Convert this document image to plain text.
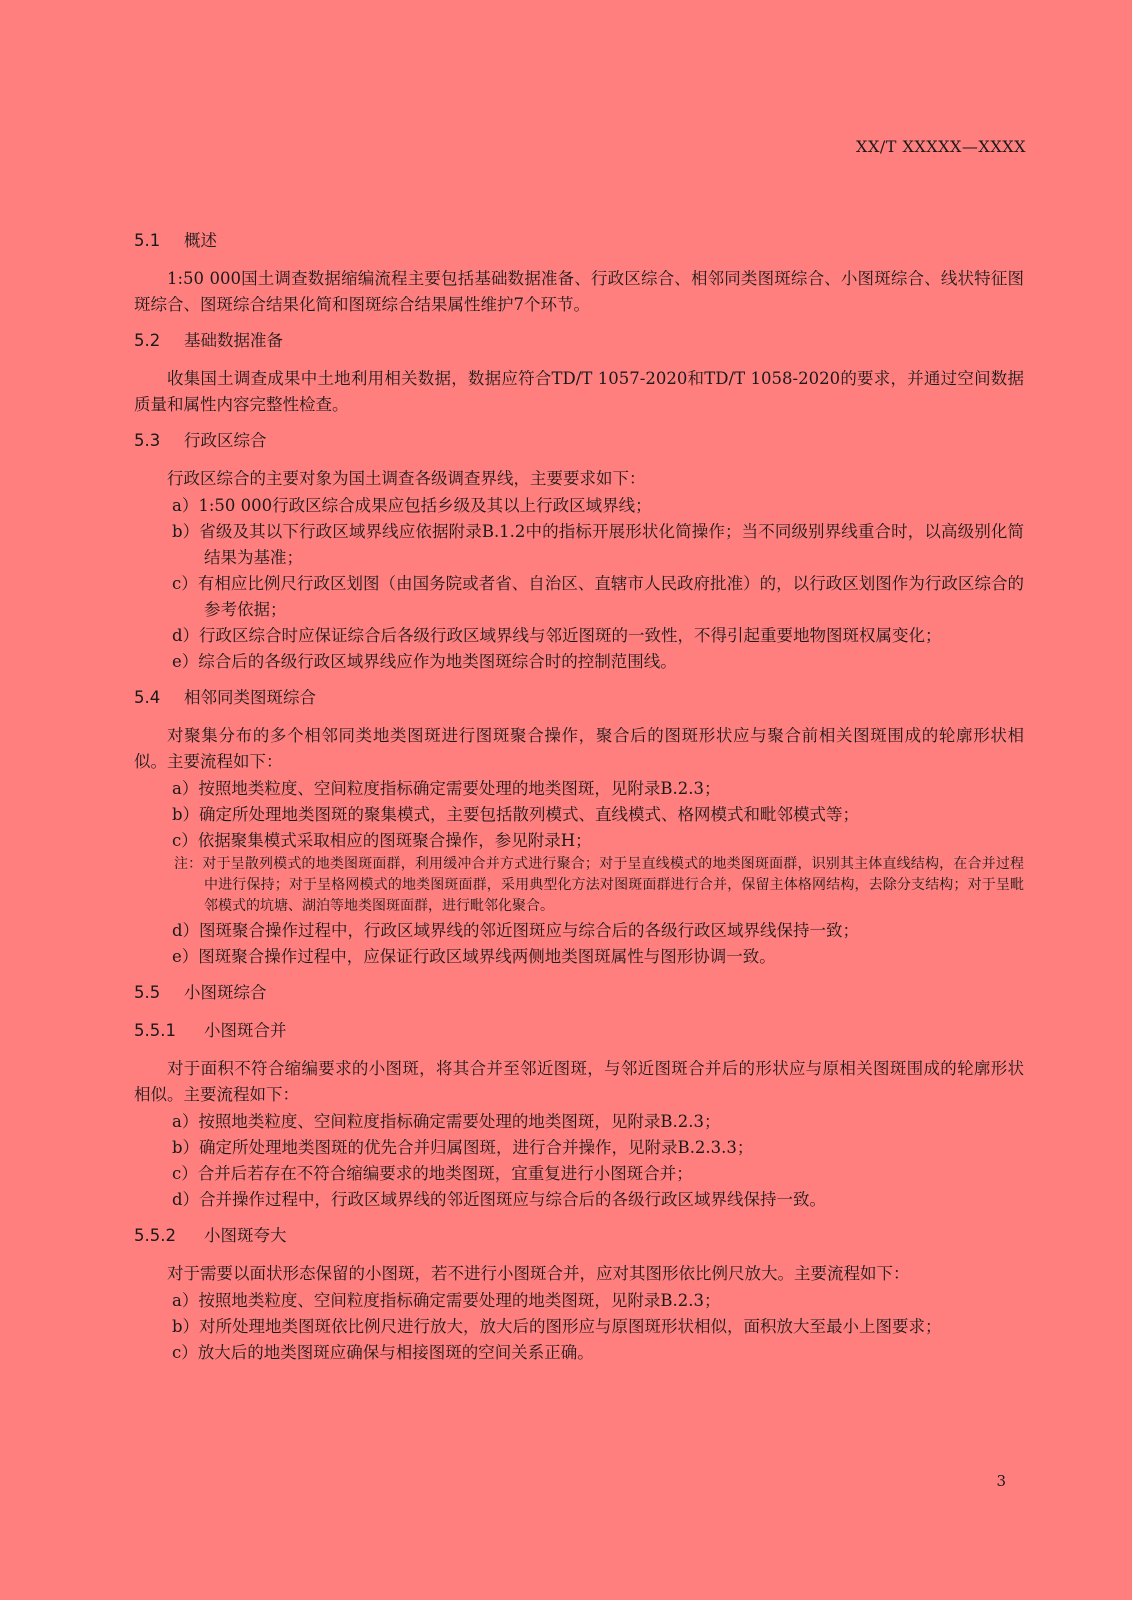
XX/T XXXXX—XXXX
5.1 概述

1:50 000国土调查数据缩编流程主要包括基础数据准备、行政区综合、相邻同类图斑综合、小图斑综合、线状特征图斑综合、图斑综合结果化简和图斑综合结果属性维护7个环节。

5.2 基础数据准备

收集国土调查成果中土地利用相关数据，数据应符合TD/T 1057-2020和TD/T 1058-2020的要求，并通过空间数据质量和属性内容完整性检查。

5.3 行政区综合

行政区综合的主要对象为国土调查各级调查界线，主要要求如下：

a）1:50 000行政区综合成果应包括乡级及其以上行政区域界线；

b）省级及其以下行政区域界线应依据附录B.1.2中的指标开展形状化简操作；当不同级别界线重合时，以高级别化简结果为基准；

c）有相应比例尺行政区划图（由国务院或者省、自治区、直辖市人民政府批准）的，以行政区划图作为行政区综合的参考依据；

d）行政区综合时应保证综合后各级行政区域界线与邻近图斑的一致性，不得引起重要地物图斑权属变化；

e）综合后的各级行政区域界线应作为地类图斑综合时的控制范围线。

5.4 相邻同类图斑综合

对聚集分布的多个相邻同类地类图斑进行图斑聚合操作，聚合后的图斑形状应与聚合前相关图斑围成的轮廓形状相似。主要流程如下：

a）按照地类粒度、空间粒度指标确定需要处理的地类图斑，见附录B.2.3；

b）确定所处理地类图斑的聚集模式，主要包括散列模式、直线模式、格网模式和毗邻模式等；

c）依据聚集模式采取相应的图斑聚合操作，参见附录H；

注：对于呈散列模式的地类图斑面群，利用缓冲合并方式进行聚合；对于呈直线模式的地类图斑面群，识别其主体直线结构，在合并过程中进行保持；对于呈格网模式的地类图斑面群，采用典型化方法对图斑面群进行合并，保留主体格网结构，去除分支结构；对于呈毗邻模式的坑塘、湖泊等地类图斑面群，进行毗邻化聚合。

d）图斑聚合操作过程中，行政区域界线的邻近图斑应与综合后的各级行政区域界线保持一致；

e）图斑聚合操作过程中，应保证行政区域界线两侧地类图斑属性与图形协调一致。

5.5 小图斑综合
5.5.1 小图斑合并

对于面积不符合缩编要求的小图斑，将其合并至邻近图斑，与邻近图斑合并后的形状应与原相关图斑围成的轮廓形状相似。主要流程如下：

a）按照地类粒度、空间粒度指标确定需要处理的地类图斑，见附录B.2.3；

b）确定所处理地类图斑的优先合并归属图斑，进行合并操作，见附录B.2.3.3；

c）合并后若存在不符合缩编要求的地类图斑，宜重复进行小图斑合并；

d）合并操作过程中，行政区域界线的邻近图斑应与综合后的各级行政区域界线保持一致。

5.5.2 小图斑夸大

对于需要以面状形态保留的小图斑，若不进行小图斑合并，应对其图形依比例尺放大。主要流程如下：

a）按照地类粒度、空间粒度指标确定需要处理的地类图斑，见附录B.2.3；

b）对所处理地类图斑依比例尺进行放大，放大后的图形应与原图斑形状相似，面积放大至最小上图要求；

c）放大后的地类图斑应确保与相接图斑的空间关系正确。

3
